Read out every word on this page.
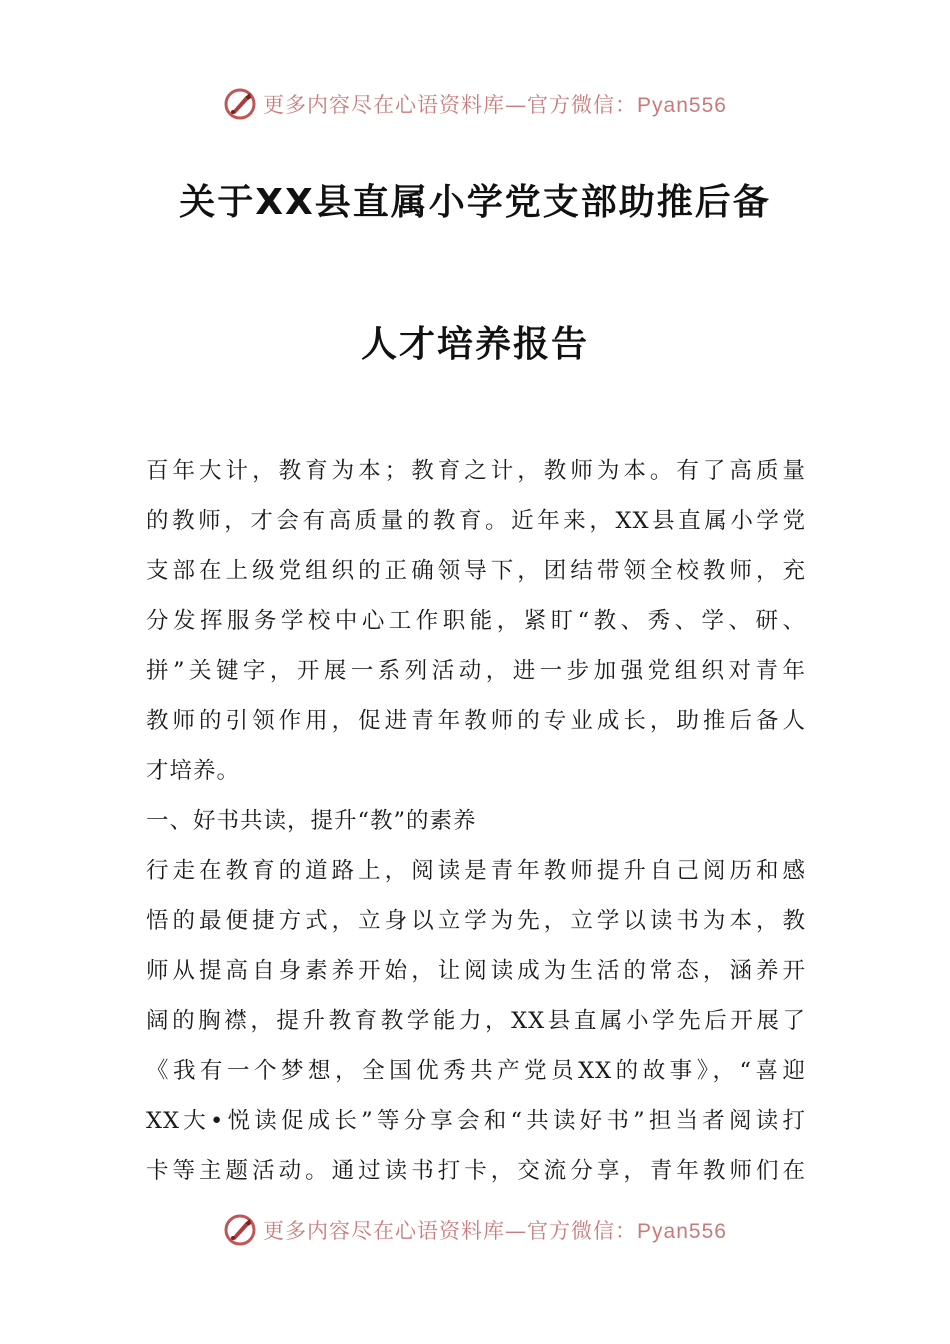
更多内容尽在心语资料库—官方微信：Pyan556
关于XX县直属小学党支部助推后备
人才培养报告
百年大计，教育为本；教育之计，教师为本。有了高质量
的教师，才会有高质量的教育。近年来，XX县直属小学党
支部在上级党组织的正确领导下，团结带领全校教师，充
分发挥服务学校中心工作职能，紧盯“教、秀、学、研、
拼”关键字，开展一系列活动，进一步加强党组织对青年
教师的引领作用，促进青年教师的专业成长，助推后备人
才培养。
一、好书共读，提升“教”的素养
行走在教育的道路上，阅读是青年教师提升自己阅历和感
悟的最便捷方式，立身以立学为先，立学以读书为本，教
师从提高自身素养开始，让阅读成为生活的常态，涵养开
阔的胸襟，提升教育教学能力，XX县直属小学先后开展了
《我有一个梦想，全国优秀共产党员XX的故事》，“喜迎
XX大•悦读促成长”等分享会和“共读好书”担当者阅读打
卡等主题活动。通过读书打卡，交流分享，青年教师们在
更多内容尽在心语资料库—官方微信：Pyan556
